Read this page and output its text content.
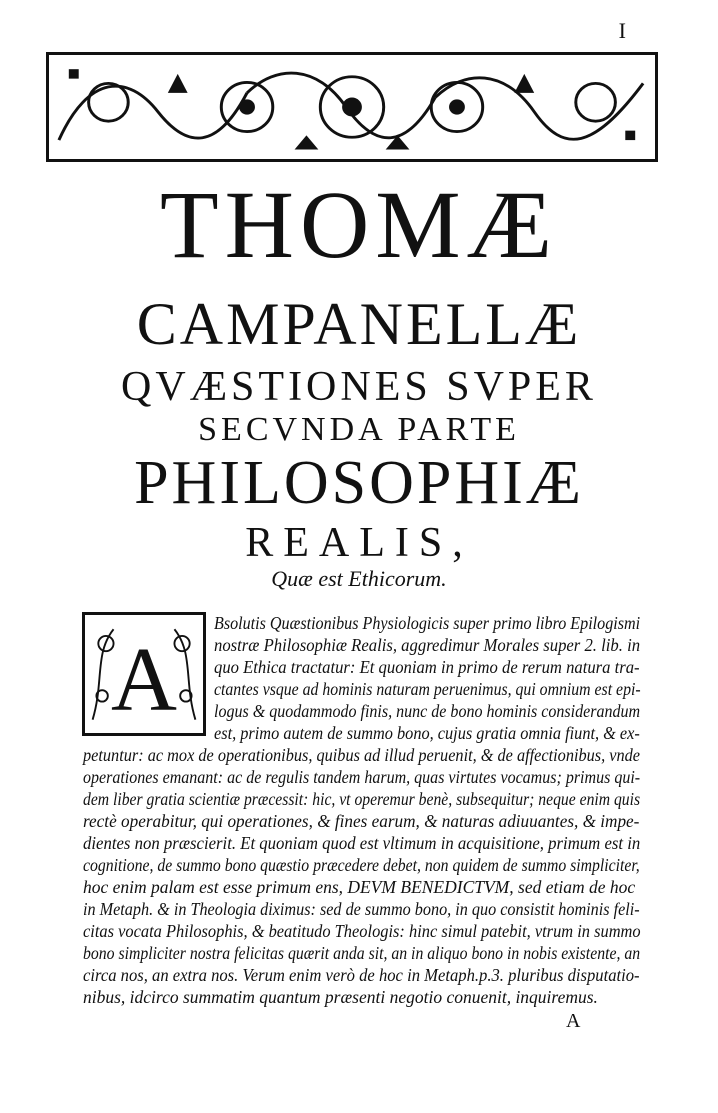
I
THOMÆ
CAMPANELLÆ
QVÆSTIONES SVPER
SECVNDA PARTE
PHILOSOPHIÆ
REALIS,
Quæ est Ethicorum.
A
Bsolutis Quæstionibus Physiologicis super primo libro Epilogismi
nostræ Philosophiæ Realis, aggredimur Morales super 2. lib. in
quo Ethica tractatur: Et quoniam in primo de rerum natura tra-
ctantes vsque ad hominis naturam peruenimus, qui omnium est epi-
logus & quodammodo finis, nunc de bono hominis considerandum
est, primo autem de summo bono, cujus gratia omnia fiunt, & ex-
petuntur: ac mox de operationibus, quibus ad illud peruenit, & de affectionibus, vnde
operationes emanant: ac de regulis tandem harum, quas virtutes vocamus; primus qui-
dem liber gratia scientiæ præcessit: hic, vt operemur benè, subsequitur; neque enim quis
rectè operabitur, qui operationes, & fines earum, & naturas adiuuantes, & impe-
dientes non præscierit. Et quoniam quod est vltimum in acquisitione, primum est in
cognitione, de summo bono quæstio præcedere debet, non quidem de summo simpliciter,
hoc enim palam est esse primum ens, DEVM BENEDICTVM, sed etiam de hoc
in Metaph. & in Theologia diximus: sed de summo bono, in quo consistit hominis feli-
citas vocata Philosophis, & beatitudo Theologis: hinc simul patebit, vtrum in summo
bono simpliciter nostra felicitas quærit anda sit, an in aliquo bono in nobis existente, an
circa nos, an extra nos. Verum enim verò de hoc in Metaph.p.3. pluribus disputatio-
nibus, idcirco summatim quantum præsenti negotio conuenit, inquiremus.
A
